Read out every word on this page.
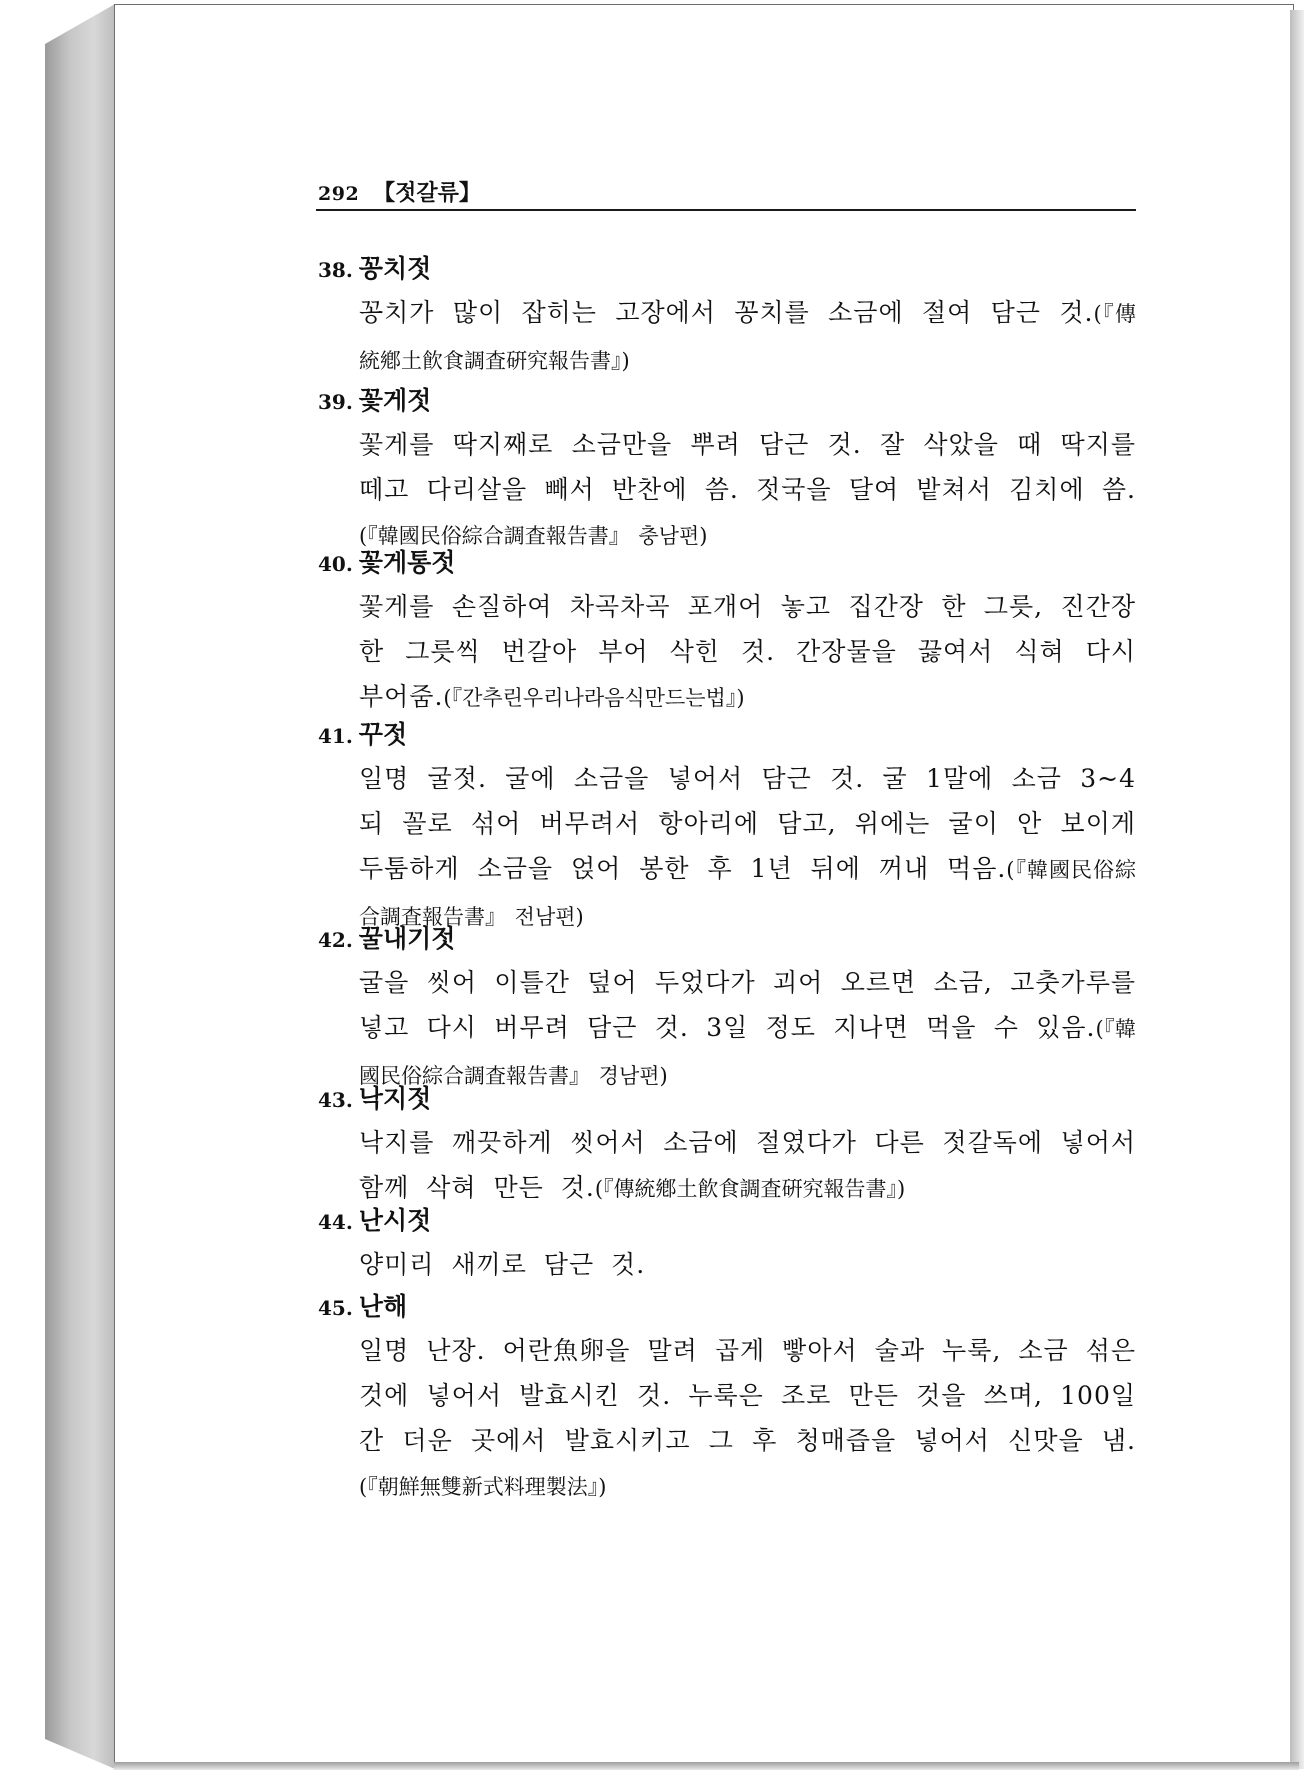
292 【젓갈류】
38. 꽁치젓
꽁치가 많이 잡히는 고장에서 꽁치를 소금에 절여 담근 것.(『傳統鄕土飮食調査硏究報告書』)
39. 꽃게젓
꽃게를 딱지째로 소금만을 뿌려 담근 것. 잘 삭았을 때 딱지를 떼고 다리살을 빼서 반찬에 씀. 젓국을 달여 밭쳐서 김치에 씀. (『韓國民俗綜合調査報告書』 충남편)
40. 꽃게통젓
꽃게를 손질하여 차곡차곡 포개어 놓고 집간장 한 그릇, 진간장 한 그릇씩 번갈아 부어 삭힌 것. 간장물을 끓여서 식혀 다시 부어줌.(『간추린우리나라음식만드는법』)
41. 꾸젓
일명 굴젓. 굴에 소금을 넣어서 담근 것. 굴 1말에 소금 3~4되 꼴로 섞어 버무려서 항아리에 담고, 위에는 굴이 안 보이게 두툼하게 소금을 얹어 봉한 후 1년 뒤에 꺼내 먹음.(『韓國民俗綜合調査報告書』 전남편)
42. 꿀내기젓
굴을 씻어 이틀간 덮어 두었다가 괴어 오르면 소금, 고춧가루를 넣고 다시 버무려 담근 것. 3일 정도 지나면 먹을 수 있음.(『韓國民俗綜合調査報告書』 경남편)
43. 낙지젓
낙지를 깨끗하게 씻어서 소금에 절였다가 다른 젓갈독에 넣어서 함께 삭혀 만든 것.(『傳統鄕土飮食調査硏究報告書』)
44. 난시젓
양미리 새끼로 담근 것.
45. 난해
일명 난장. 어란魚卵을 말려 곱게 빻아서 술과 누룩, 소금 섞은 것에 넣어서 발효시킨 것. 누룩은 조로 만든 것을 쓰며, 100일간 더운 곳에서 발효시키고 그 후 청매즙을 넣어서 신맛을 냄.(『朝鮮無雙新式料理製法』)
